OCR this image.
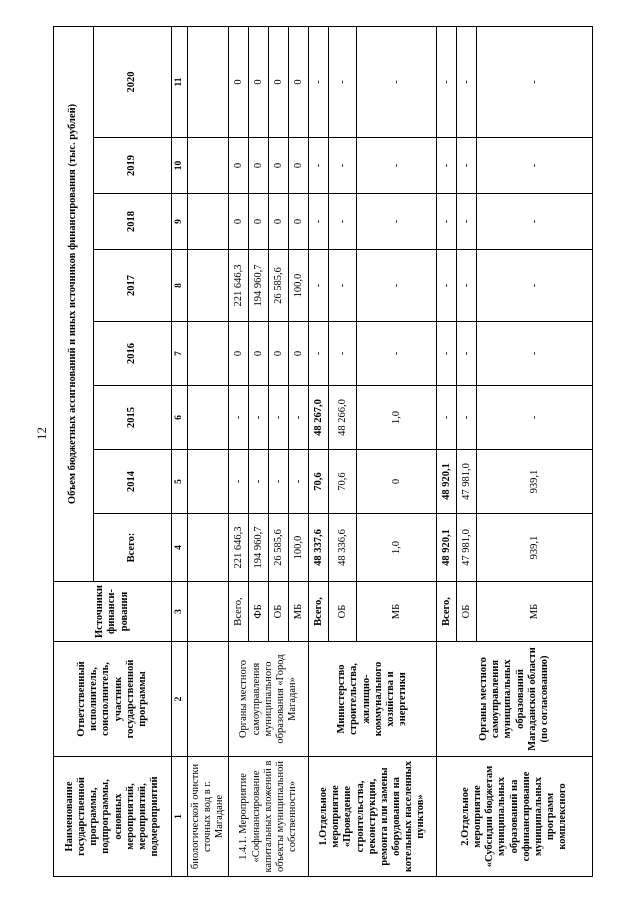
12
Наименование государственной программы, подпрограммы, основных мероприятий, мероприятий, подмероприятий	Ответственный исполнитель, соисполнитель, участник государственной программы	Источники финанси-рования	Объем бюджетных ассигнований и иных источников финансирования (тыс. рублей)							
			Всего:	2014	2015	2016	2017	2018	2019	2020
1	2	3	4	5	6	7	8	9	10	11
биологической очистки сточных вод в г. Магадане										
1.4.1. Мероприятие «Софинансирование капитальных вложений в объекты муниципальной собственности»	Органы местного самоуправления муниципального образования «Город Магадан»	Всего,	221 646,3	-	-	0	221 646,3	0	0	0
		ФБ	194 960,7	-	-	0	194 960,7	0	0	0
		ОБ	26 585,6	-	-	0	26 585,6	0	0	0
		МБ	100,0	-	-	0	100,0	0	0	0
1.Отдельное мероприятие «Проведение строительства, реконструкции, ремонта или замены оборудования на котельных населенных пунктов»	Министерство строительства, жилищно-коммунального хозяйства и энергетики	Всего,	48 337,6	70,6	48 267,0	-	-	-	-	-
		ОБ	48 336,6	70,6	48 266,0	-	-	-	-	-
		МБ	1,0	0	1,0	-	-	-	-	-
2.Отдельное мероприятие «Субсидии бюджетам муниципальных образований на софинансирование муниципальных программ комплексного	Органы местного самоуправления муниципальных образований Магаданской области (по согласованию)	Всего,	48 920,1	48 920,1	-	-	-	-	-	-
		ОБ	47 981,0	47 981,0	-	-	-	-	-	-
		МБ	939,1	939,1	-	-	-	-	-	-
